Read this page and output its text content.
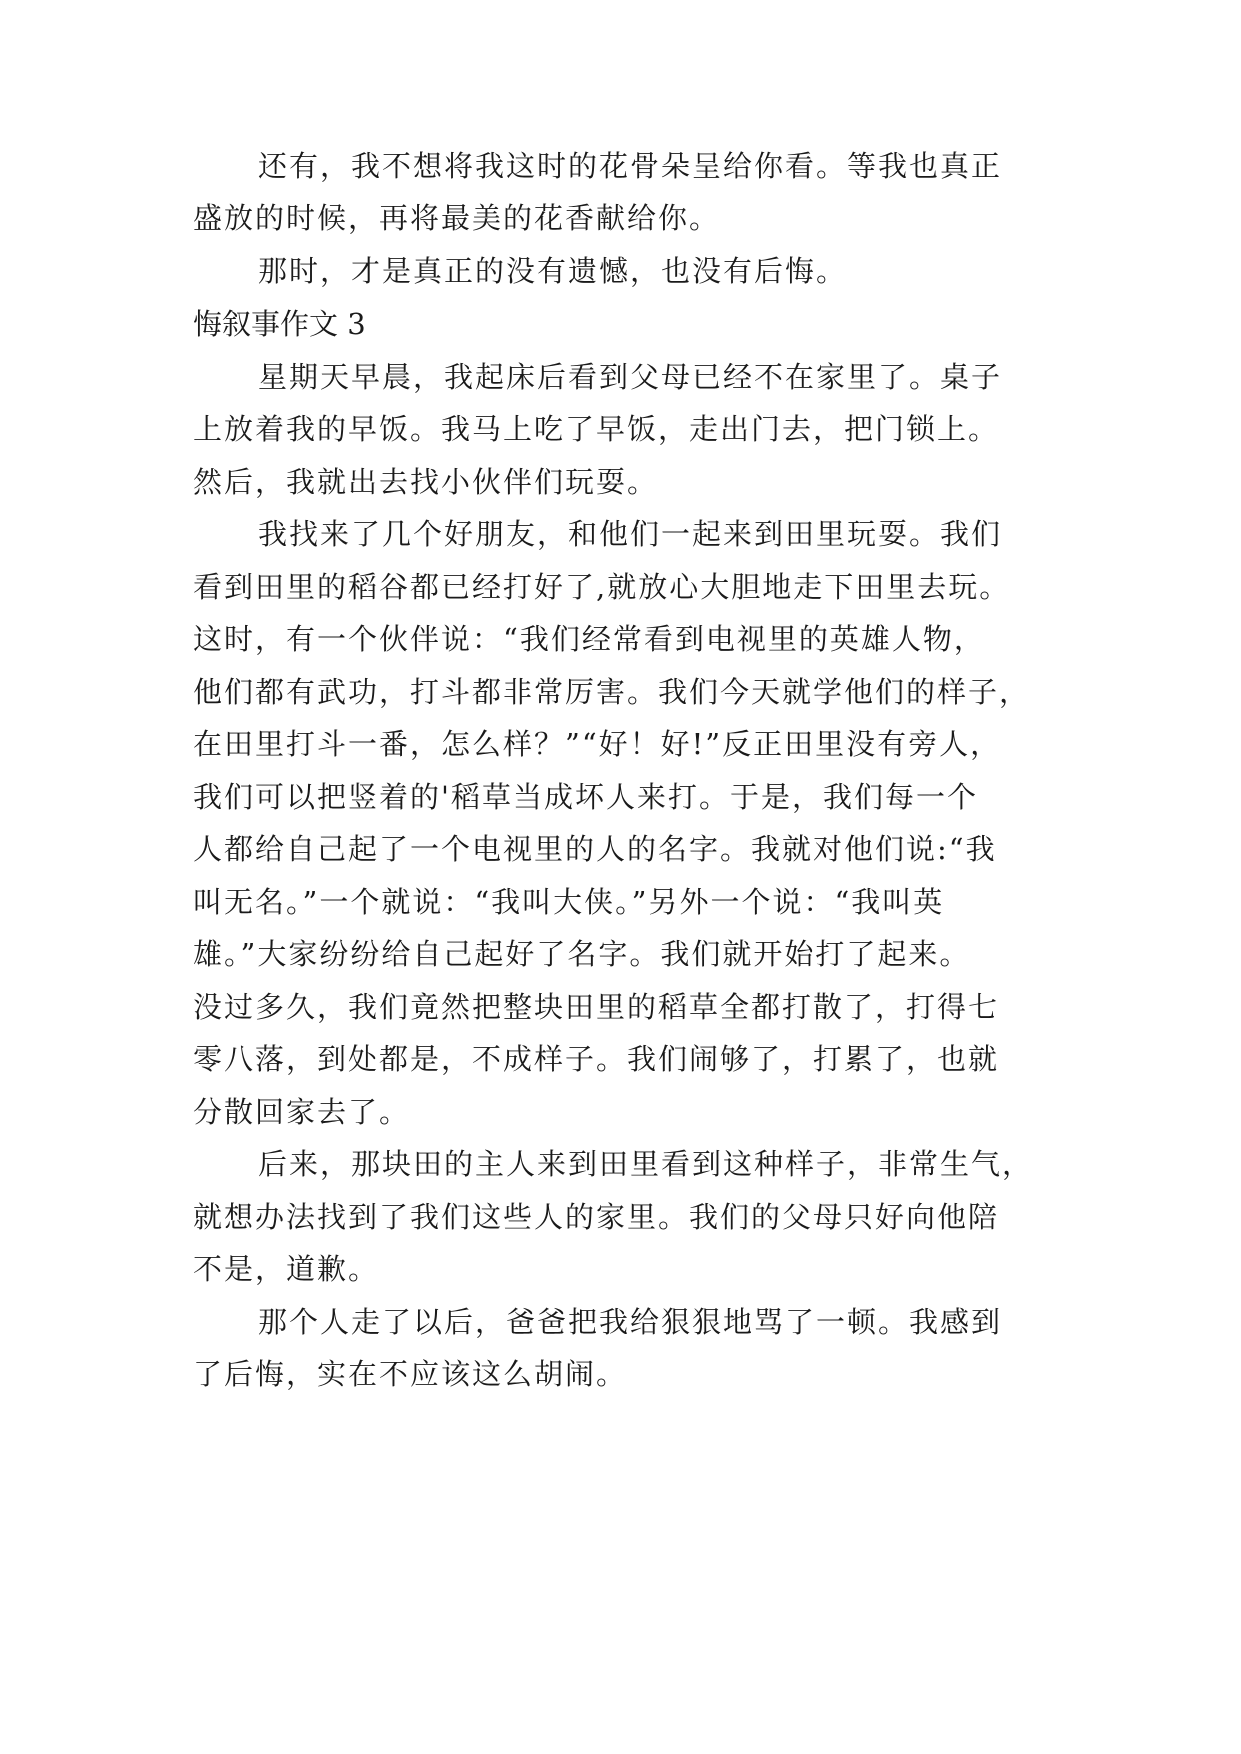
还有，我不想将我这时的花骨朵呈给你看。等我也真正
盛放的时候，再将最美的花香献给你。
那时，才是真正的没有遗憾，也没有后悔。
悔叙事作文 3
星期天早晨，我起床后看到父母已经不在家里了。桌子
上放着我的早饭。我马上吃了早饭，走出门去，把门锁上。
然后，我就出去找小伙伴们玩耍。
我找来了几个好朋友，和他们一起来到田里玩耍。我们
看到田里的稻谷都已经打好了,就放心大胆地走下田里去玩。
这时，有一个伙伴说：“我们经常看到电视里的英雄人物，
他们都有武功，打斗都非常厉害。我们今天就学他们的样子，
在田里打斗一番，怎么样？”“好！好!”反正田里没有旁人，
我们可以把竖着的'稻草当成坏人来打。于是，我们每一个
人都给自己起了一个电视里的人的名字。我就对他们说:“我
叫无名。”一个就说：“我叫大侠。”另外一个说：“我叫英
雄。”大家纷纷给自己起好了名字。我们就开始打了起来。
没过多久，我们竟然把整块田里的稻草全都打散了，打得七
零八落，到处都是，不成样子。我们闹够了，打累了，也就
分散回家去了。
后来，那块田的主人来到田里看到这种样子，非常生气，
就想办法找到了我们这些人的家里。我们的父母只好向他陪
不是，道歉。
那个人走了以后，爸爸把我给狠狠地骂了一顿。我感到
了后悔，实在不应该这么胡闹。
